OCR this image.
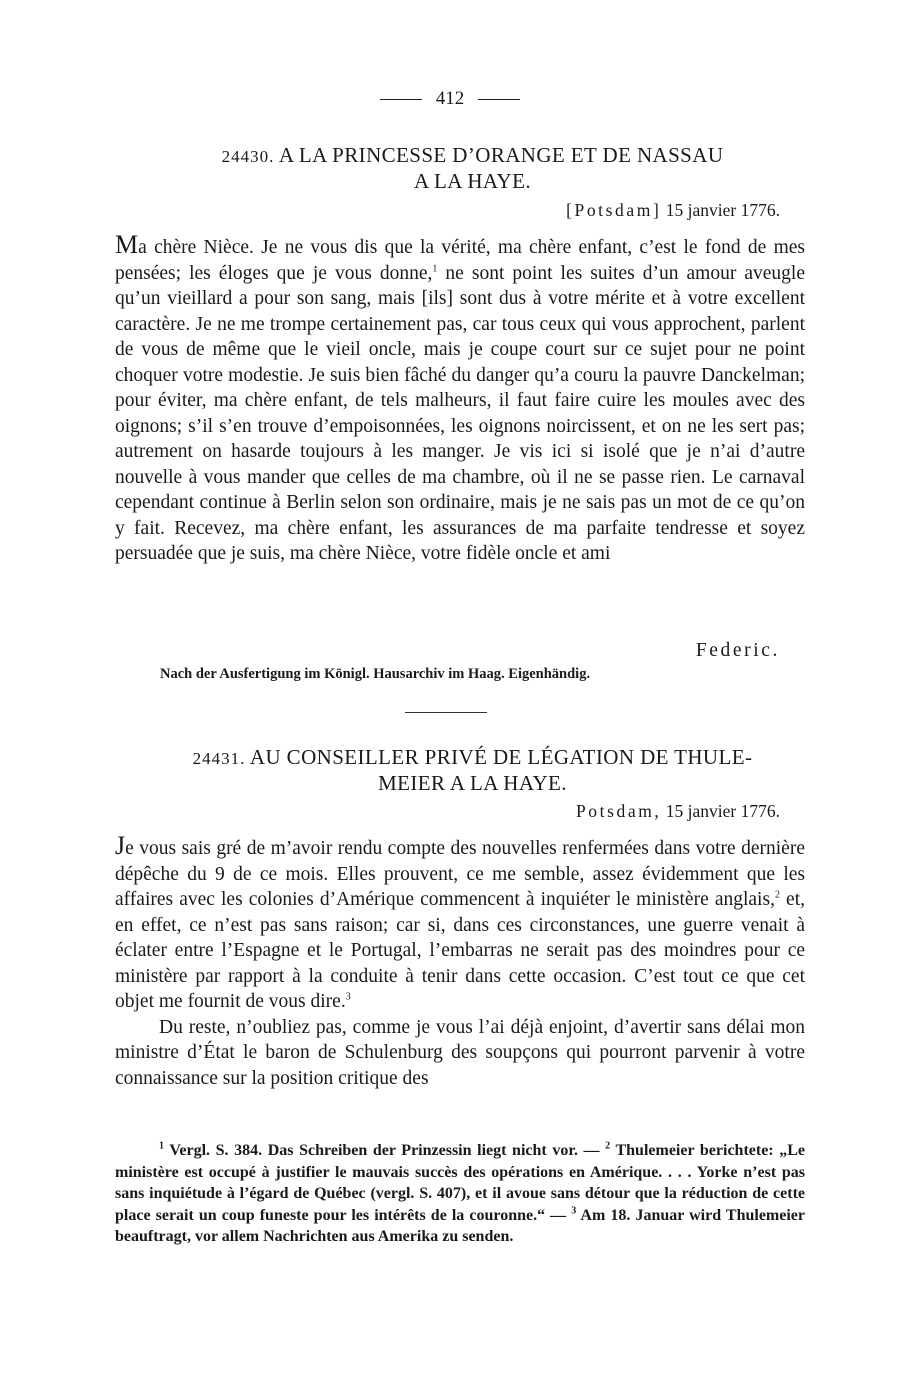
412
24430. A LA PRINCESSE D’ORANGE ET DE NASSAU
A LA HAYE.
[Potsdam] 15 janvier 1776.

Ma chère Nièce. Je ne vous dis que la vérité, ma chère enfant, c’est le fond de mes pensées; les éloges que je vous donne,$^1$ ne sont point les suites d’un amour aveugle qu’un vieillard a pour son sang, mais [ils] sont dus à votre mérite et à votre excellent caractère. Je ne me trompe certainement pas, car tous ceux qui vous approchent, parlent de vous de même que le vieil oncle, mais je coupe court sur ce sujet pour ne point choquer votre modestie. Je suis bien fâché du danger qu’a couru la pauvre Danckelman; pour éviter, ma chère enfant, de tels malheurs, il faut faire cuire les moules avec des oignons; s’il s’en trouve d’empoisonnées, les oignons noircissent, et on ne les sert pas; autrement on hasarde toujours à les manger. Je vis ici si isolé que je n’ai d’autre nouvelle à vous mander que celles de ma chambre, où il ne se passe rien. Le carnaval cependant continue à Berlin selon son ordinaire, mais je ne sais pas un mot de ce qu’on y fait. Recevez, ma chère enfant, les assurances de ma parfaite tendresse et soyez persuadée que je suis, ma chère Nièce, votre fidèle oncle et ami

Federic.
Nach der Ausfertigung im Königl. Hausarchiv im Haag. Eigenhändig.
24431. AU CONSEILLER PRIVÉ DE LÉGATION DE THULE-
MEIER A LA HAYE.
Potsdam, 15 janvier 1776.

Je vous sais gré de m’avoir rendu compte des nouvelles renfermées dans votre dernière dépêche du 9 de ce mois. Elles prouvent, ce me semble, assez évidemment que les affaires avec les colonies d’Amérique commencent à inquiéter le ministère anglais,$^2$ et, en effet, ce n’est pas sans raison; car si, dans ces circonstances, une guerre venait à éclater entre l’Espagne et le Portugal, l’embarras ne serait pas des moindres pour ce ministère par rapport à la conduite à tenir dans cette occasion. C’est tout ce que cet objet me fournit de vous dire.$^3$

Du reste, n’oubliez pas, comme je vous l’ai déjà enjoint, d’avertir sans délai mon ministre d’État le baron de Schulenburg des soupçons qui pourront parvenir à votre connaissance sur la position critique des

$^1$ Vergl. S. 384. Das Schreiben der Prinzessin liegt nicht vor. — $^2$ Thulemeier berichtete: „Le ministère est occupé à justifier le mauvais succès des opérations en Amérique. . . . Yorke n’est pas sans inquiétude à l’égard de Québec (vergl. S. 407), et il avoue sans détour que la réduction de cette place serait un coup funeste pour les intérêts de la couronne.“ — $^3$ Am 18. Januar wird Thulemeier beauftragt, vor allem Nachrichten aus Amerika zu senden.
